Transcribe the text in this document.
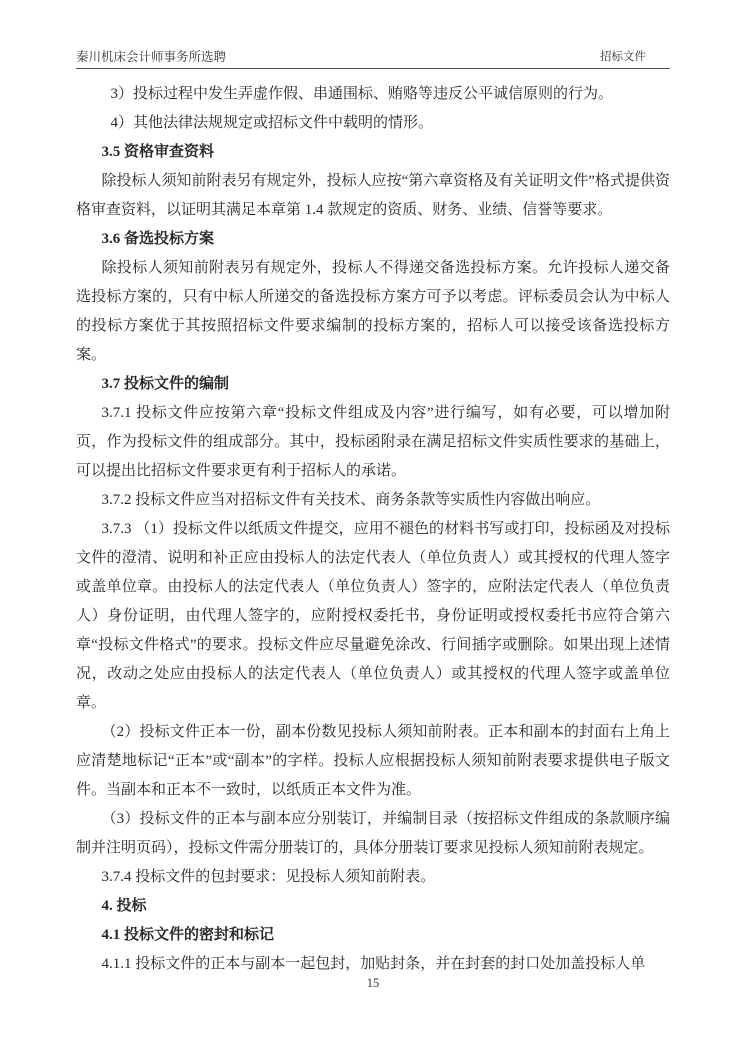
秦川机床会计师事务所选聘	招标文件

3）投标过程中发生弄虚作假、串通围标、贿赂等违反公平诚信原则的行为。

4）其他法律法规规定或招标文件中载明的情形。

3.5 资格审查资料

除投标人须知前附表另有规定外，投标人应按“第六章资格及有关证明文件”格式提供资格审查资料，以证明其满足本章第 1.4 款规定的资质、财务、业绩、信誉等要求。

3.6 备选投标方案

除投标人须知前附表另有规定外，投标人不得递交备选投标方案。允许投标人递交备选投标方案的，只有中标人所递交的备选投标方案方可予以考虑。评标委员会认为中标人的投标方案优于其按照招标文件要求编制的投标方案的，招标人可以接受该备选投标方案。

3.7 投标文件的编制

3.7.1 投标文件应按第六章“投标文件组成及内容”进行编写，如有必要，可以增加附页，作为投标文件的组成部分。其中，投标函附录在满足招标文件实质性要求的基础上，可以提出比招标文件要求更有利于招标人的承诺。

3.7.2 投标文件应当对招标文件有关技术、商务条款等实质性内容做出响应。

3.7.3 （1）投标文件以纸质文件提交，应用不褪色的材料书写或打印，投标函及对投标文件的澄清、说明和补正应由投标人的法定代表人（单位负责人）或其授权的代理人签字或盖单位章。由投标人的法定代表人（单位负责人）签字的，应附法定代表人（单位负责人）身份证明，由代理人签字的，应附授权委托书，身份证明或授权委托书应符合第六章“投标文件格式”的要求。投标文件应尽量避免涂改、行间插字或删除。如果出现上述情况，改动之处应由投标人的法定代表人（单位负责人）或其授权的代理人签字或盖单位章。

（2）投标文件正本一份，副本份数见投标人须知前附表。正本和副本的封面右上角上应清楚地标记“正本”或“副本”的字样。投标人应根据投标人须知前附表要求提供电子版文件。当副本和正本不一致时，以纸质正本文件为准。

（3）投标文件的正本与副本应分别装订，并编制目录（按招标文件组成的条款顺序编制并注明页码），投标文件需分册装订的，具体分册装订要求见投标人须知前附表规定。

3.7.4 投标文件的包封要求：见投标人须知前附表。

4. 投标

4.1 投标文件的密封和标记

4.1.1 投标文件的正本与副本一起包封，加贴封条，并在封套的封口处加盖投标人单

15
